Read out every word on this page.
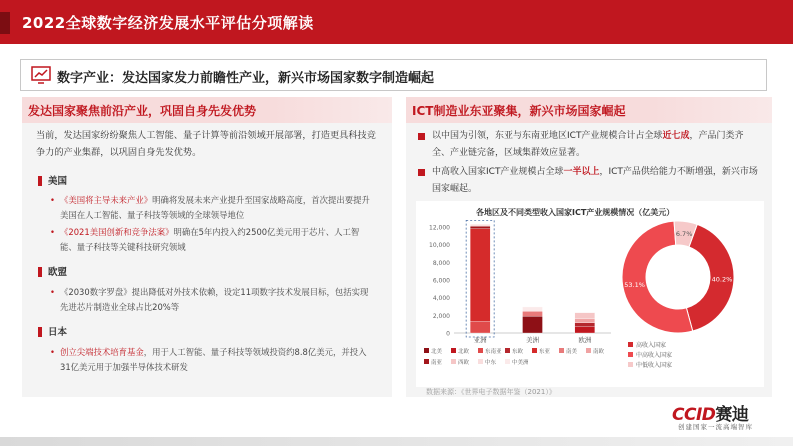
2022全球数字经济发展水平评估分项解读
数字产业：发达国家发力前瞻性产业，新兴市场国家数字制造崛起
发达国家聚焦前沿产业，巩固自身先发优势
当前，发达国家纷纷聚焦人工智能、量子计算等前沿领域开展部署，打造更具科技竞争力的产业集群，以巩固自身先发优势。
美国
• 《美国将主导未来产业》明确将发展未来产业提升至国家战略高度，首次提出要提升美国在人工智能、量子科技等领域的全球领导地位
• 《2021美国创新和竞争法案》明确在5年内投入约2500亿美元用于芯片、人工智能、量子科技等关键科技研究领域
欧盟
• 《2030数字罗盘》提出降低对外技术依赖，设定11项数字技术发展目标，包括实现先进芯片制造业全球占比20%等
日本
• 创立尖端技术培育基金，用于人工智能、量子科技等领域投资约8.8亿美元，并投入31亿美元用于加强半导体技术研发
ICT制造业东亚聚集，新兴市场国家崛起
以中国为引领，东亚与东南亚地区ICT产业规模合计占全球近七成，产品门类齐全、产业链完备，区域集群效应显著。
中高收入国家ICT产业规模占全球一半以上，ICT产品供给能力不断增强，新兴市场国家崛起。
各地区及不同类型收入国家ICT产业规模情况（亿美元）
0
2,000
4,000
6,000
8,000
10,000
12,000
亚洲	美洲	欧洲
北美	北欧	东南亚 东欧	东亚	南美	南欧
南亚	西欧	中东	中美洲
40.2%
53.1%
6.7%
高收入国家
中高收入国家
中低收入国家
数据来源：《世界电子数据年鉴（2021）》
CCID赛迪
创建国家一流高端智库
